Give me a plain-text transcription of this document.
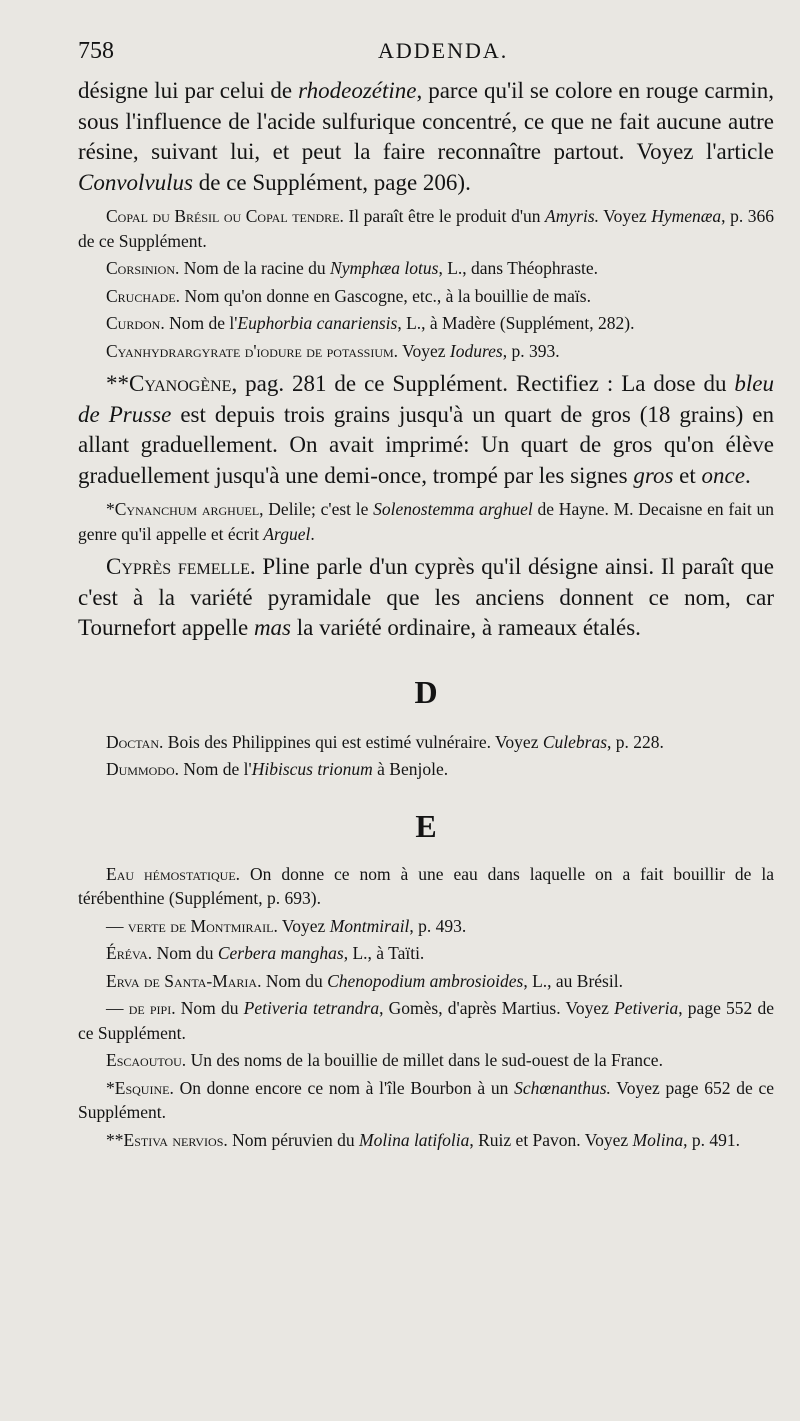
758	ADDENDA.

désigne lui par celui de rhodeozétine, parce qu'il se colore en rouge carmin, sous l'influence de l'acide sulfurique concentré, ce que ne fait aucune autre résine, suivant lui, et peut la faire reconnaître partout. Voyez l'article Convolvulus de ce Supplément, page 206).

Copal du Brésil ou Copal tendre. Il paraît être le produit d'un Amyris. Voyez Hymenæa, p. 366 de ce Supplément.

Corsinion. Nom de la racine du Nymphæa lotus, L., dans Théophraste.

Cruchade. Nom qu'on donne en Gascogne, etc., à la bouillie de maïs.

Curdon. Nom de l'Euphorbia canariensis, L., à Madère (Supplément, 282).

Cyanhydrargyrate d'iodure de potassium. Voyez Iodures, p. 393.

**Cyanogène, pag. 281 de ce Supplément. Rectifiez : La dose du bleu de Prusse est depuis trois grains jusqu'à un quart de gros (18 grains) en allant graduellement. On avait imprimé: Un quart de gros qu'on élève graduellement jusqu'à une demi-once, trompé par les signes gros et once.

*Cynanchum arghuel, Delile; c'est le Solenostemma arghuel de Hayne. M. Decaisne en fait un genre qu'il appelle et écrit Arguel.

Cyprès femelle. Pline parle d'un cyprès qu'il désigne ainsi. Il paraît que c'est à la variété pyramidale que les anciens donnent ce nom, car Tournefort appelle mas la variété ordinaire, à rameaux étalés.

D

Doctan. Bois des Philippines qui est estimé vulnéraire. Voyez Culebras, p. 228.

Dummodo. Nom de l'Hibiscus trionum à Benjole.

E

Eau hémostatique. On donne ce nom à une eau dans laquelle on a fait bouillir de la térébenthine (Supplément, p. 693).

— verte de Montmirail. Voyez Montmirail, p. 493.

Éréva. Nom du Cerbera manghas, L., à Taïti.

Erva de Santa-Maria. Nom du Chenopodium ambrosioides, L., au Brésil.

— de pipi. Nom du Petiveria tetrandra, Gomès, d'après Martius. Voyez Petiveria, page 552 de ce Supplément.

Escaoutou. Un des noms de la bouillie de millet dans le sud-ouest de la France.

*Esquine. On donne encore ce nom à l'île Bourbon à un Schœnanthus. Voyez page 652 de ce Supplément.

**Estiva nervios. Nom péruvien du Molina latifolia, Ruiz et Pavon. Voyez Molina, p. 491.
